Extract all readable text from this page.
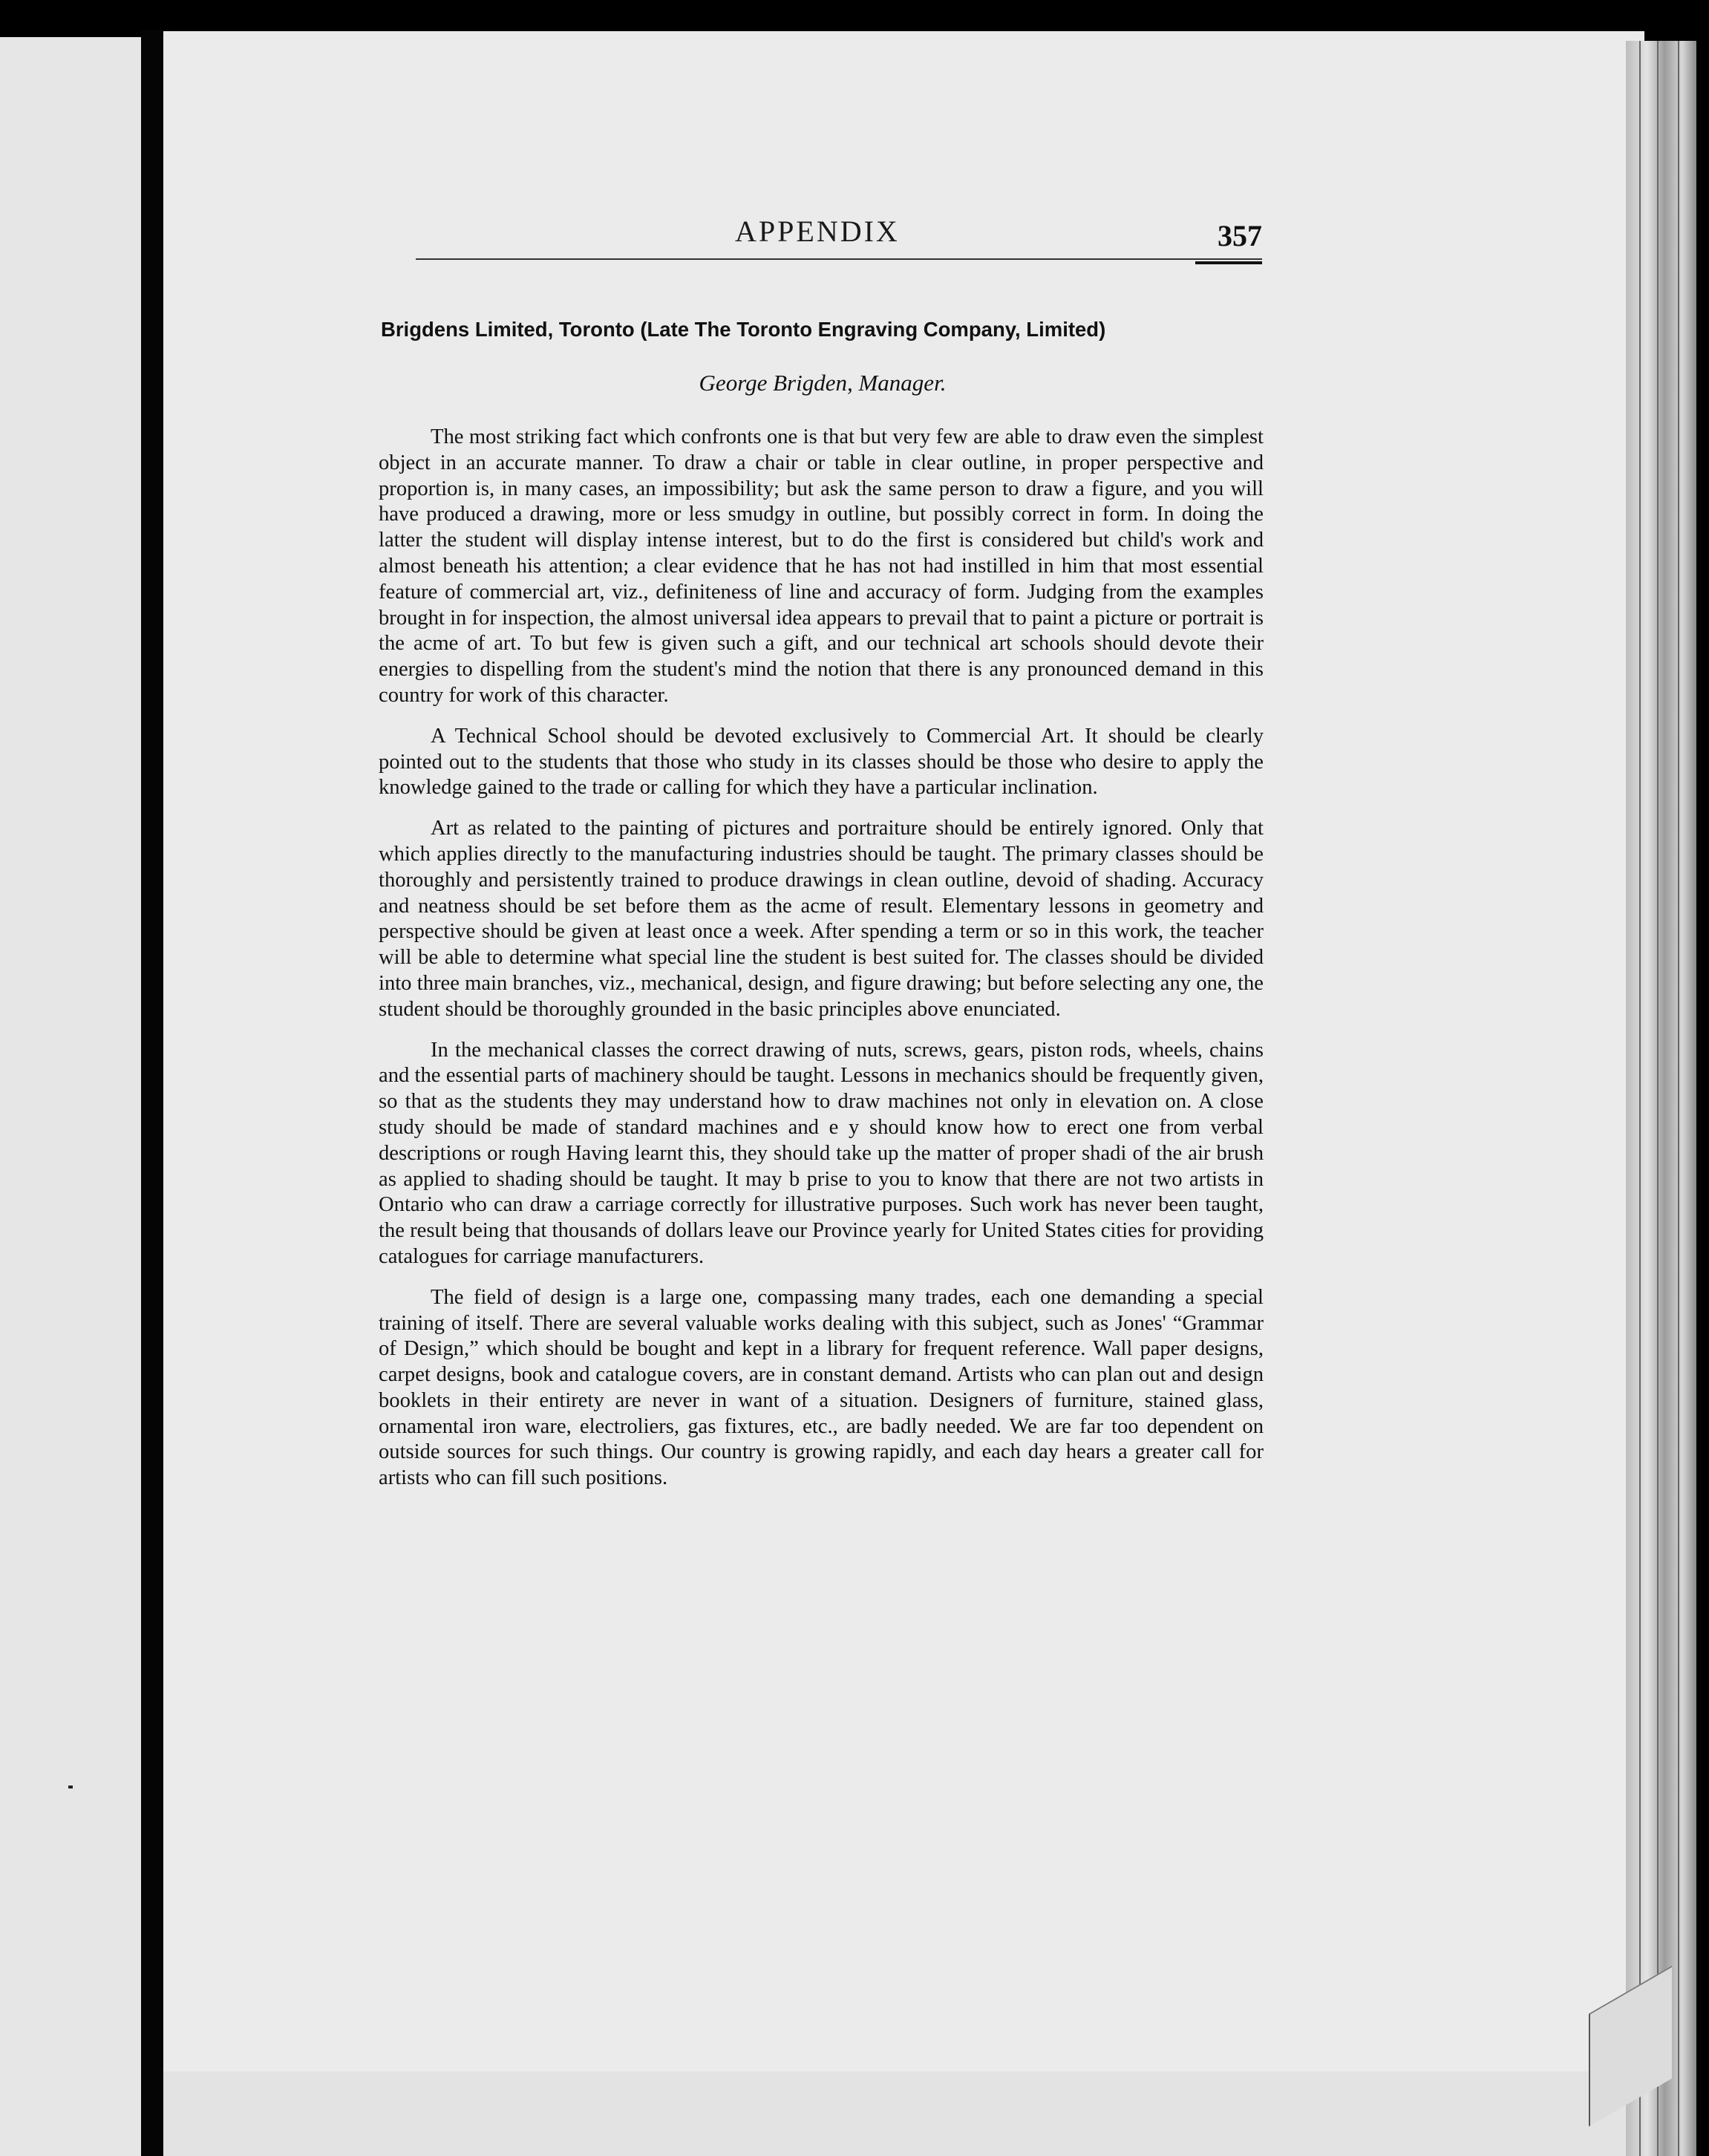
APPENDIX	357
Brigdens Limited, Toronto (Late The Toronto Engraving Company, Limited)
George Brigden, Manager.

The most striking fact which confronts one is that but very few are able to draw even the simplest object in an accurate manner. To draw a chair or table in clear outline, in proper perspective and proportion is, in many cases, an impossibility; but ask the same person to draw a figure, and you will have produced a drawing, more or less smudgy in outline, but possibly correct in form. In doing the latter the student will display intense interest, but to do the first is considered but child's work and almost beneath his attention; a clear evidence that he has not had instilled in him that most essential feature of commercial art, viz., definiteness of line and accuracy of form. Judging from the examples brought in for inspection, the almost universal idea appears to prevail that to paint a picture or portrait is the acme of art. To but few is given such a gift, and our technical art schools should devote their energies to dispelling from the student's mind the notion that there is any pronounced demand in this country for work of this character.

A Technical School should be devoted exclusively to Commercial Art. It should be clearly pointed out to the students that those who study in its classes should be those who desire to apply the knowledge gained to the trade or calling for which they have a particular inclination.

Art as related to the painting of pictures and portraiture should be entirely ignored. Only that which applies directly to the manufacturing industries should be taught. The primary classes should be thoroughly and persistently trained to produce drawings in clean outline, devoid of shading. Accuracy and neatness should be set before them as the acme of result. Elementary lessons in geometry and perspective should be given at least once a week. After spending a term or so in this work, the teacher will be able to determine what special line the student is best suited for. The classes should be divided into three main branches, viz., mechanical, design, and figure drawing; but before selecting any one, the student should be thoroughly grounded in the basic principles above enunciated.

In the mechanical classes the correct drawing of nuts, screws, gears, piston rods, wheels, chains and the essential parts of machinery should be taught. Lessons in mechanics should be frequently given, so that as the students they may understand how to draw machines not only in elevation on. A close study should be made of standard machines and e y should know how to erect one from verbal descriptions or rough Having learnt this, they should take up the matter of proper shadi of the air brush as applied to shading should be taught. It may b prise to you to know that there are not two artists in Ontario who can draw a carriage correctly for illustrative purposes. Such work has never been taught, the result being that thousands of dollars leave our Province yearly for United States cities for providing catalogues for carriage manufacturers.

The field of design is a large one, compassing many trades, each one demanding a special training of itself. There are several valuable works dealing with this subject, such as Jones' “Grammar of Design,” which should be bought and kept in a library for frequent reference. Wall paper designs, carpet designs, book and catalogue covers, are in constant demand. Artists who can plan out and design booklets in their entirety are never in want of a situation. Designers of furniture, stained glass, ornamental iron ware, electroliers, gas fixtures, etc., are badly needed. We are far too dependent on outside sources for such things. Our country is growing rapidly, and each day hears a greater call for artists who can fill such positions.
